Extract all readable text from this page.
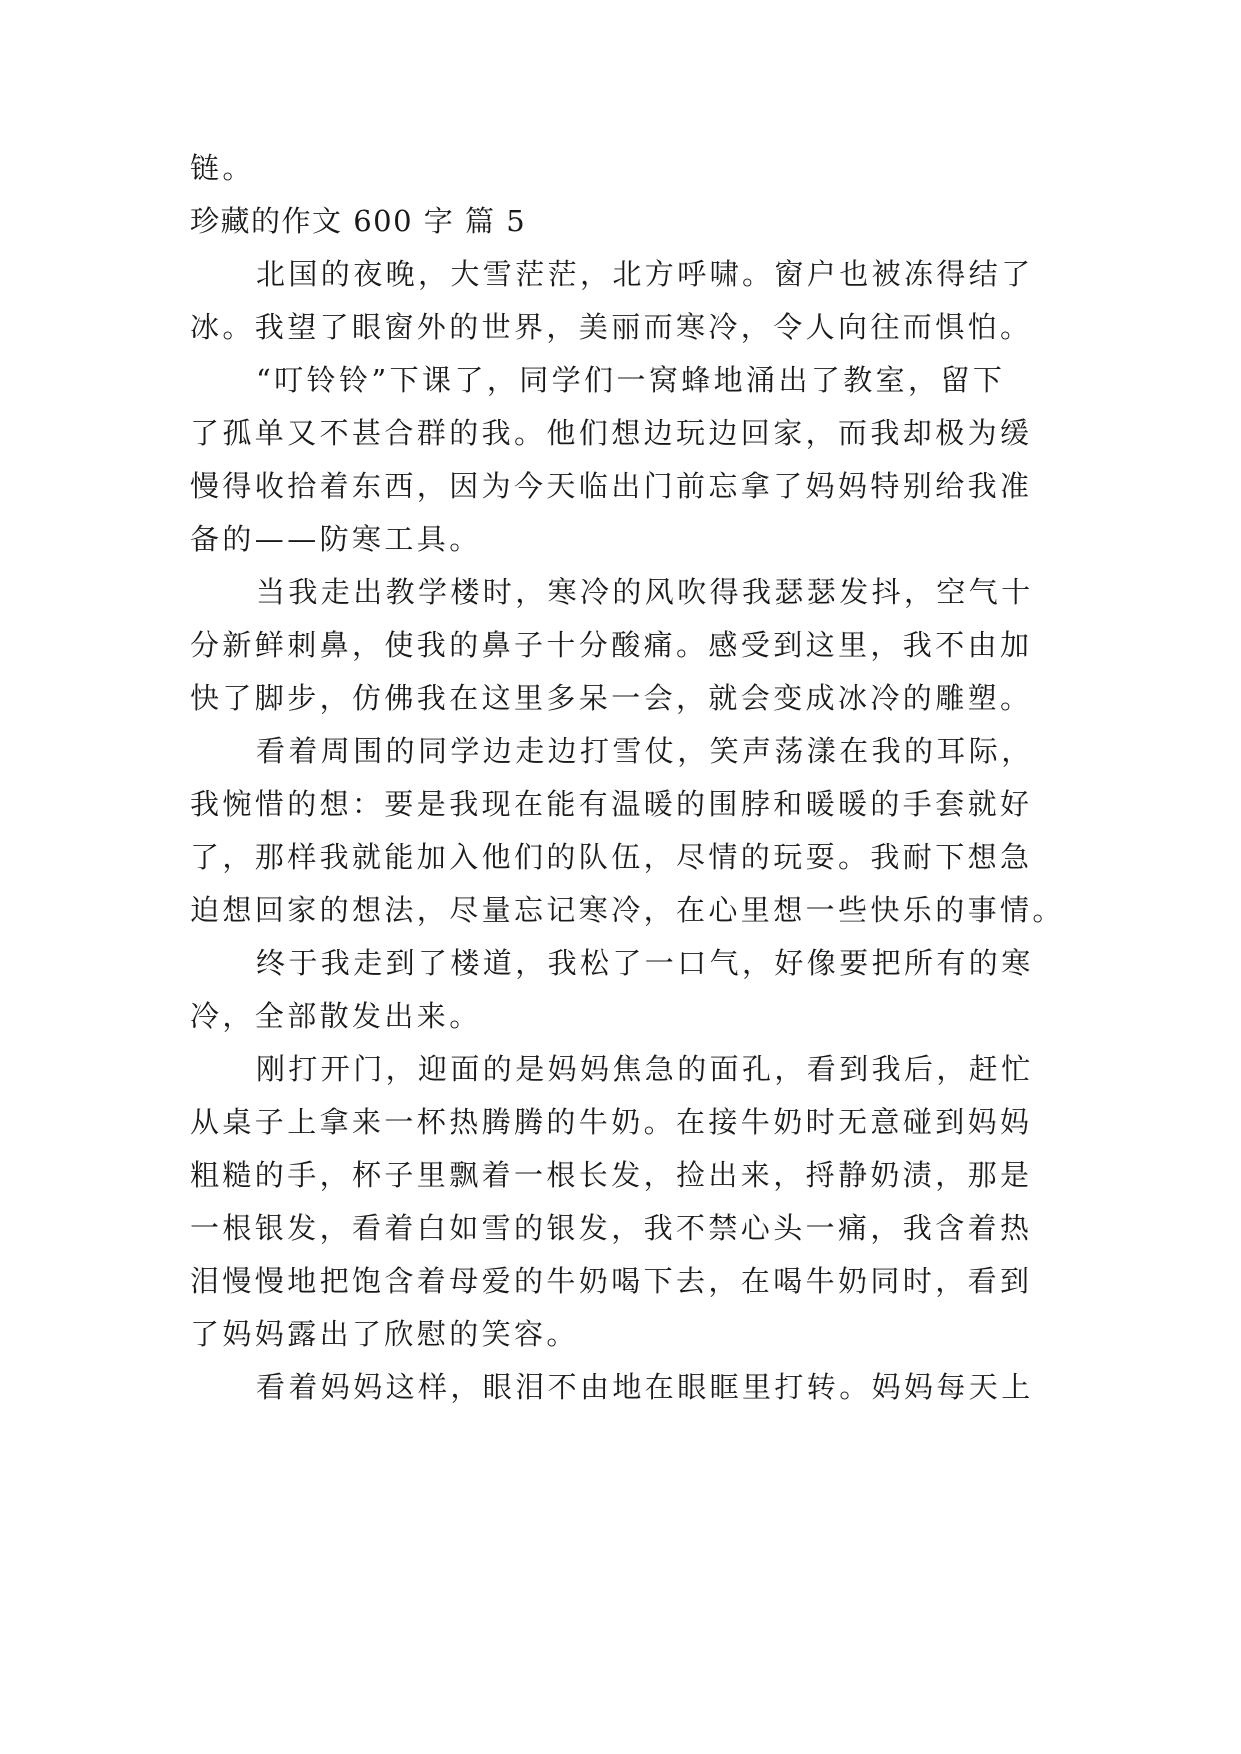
链。
珍藏的作文 600 字 篇 5
北国的夜晚，大雪茫茫，北方呼啸。窗户也被冻得结了
冰。我望了眼窗外的世界，美丽而寒冷，令人向往而惧怕。
“叮铃铃”下课了，同学们一窝蜂地涌出了教室，留下
了孤单又不甚合群的我。他们想边玩边回家，而我却极为缓
慢得收拾着东西，因为今天临出门前忘拿了妈妈特别给我准
备的——防寒工具。
当我走出教学楼时，寒冷的风吹得我瑟瑟发抖，空气十
分新鲜刺鼻，使我的鼻子十分酸痛。感受到这里，我不由加
快了脚步，仿佛我在这里多呆一会，就会变成冰冷的雕塑。
看着周围的同学边走边打雪仗，笑声荡漾在我的耳际，
我惋惜的想：要是我现在能有温暖的围脖和暖暖的手套就好
了，那样我就能加入他们的队伍，尽情的玩耍。我耐下想急
迫想回家的想法，尽量忘记寒冷，在心里想一些快乐的事情。
终于我走到了楼道，我松了一口气，好像要把所有的寒
冷，全部散发出来。
刚打开门，迎面的是妈妈焦急的面孔，看到我后，赶忙
从桌子上拿来一杯热腾腾的牛奶。在接牛奶时无意碰到妈妈
粗糙的手，杯子里飘着一根长发，捡出来，捋静奶渍，那是
一根银发，看着白如雪的银发，我不禁心头一痛，我含着热
泪慢慢地把饱含着母爱的牛奶喝下去，在喝牛奶同时，看到
了妈妈露出了欣慰的笑容。
看着妈妈这样，眼泪不由地在眼眶里打转。妈妈每天上
